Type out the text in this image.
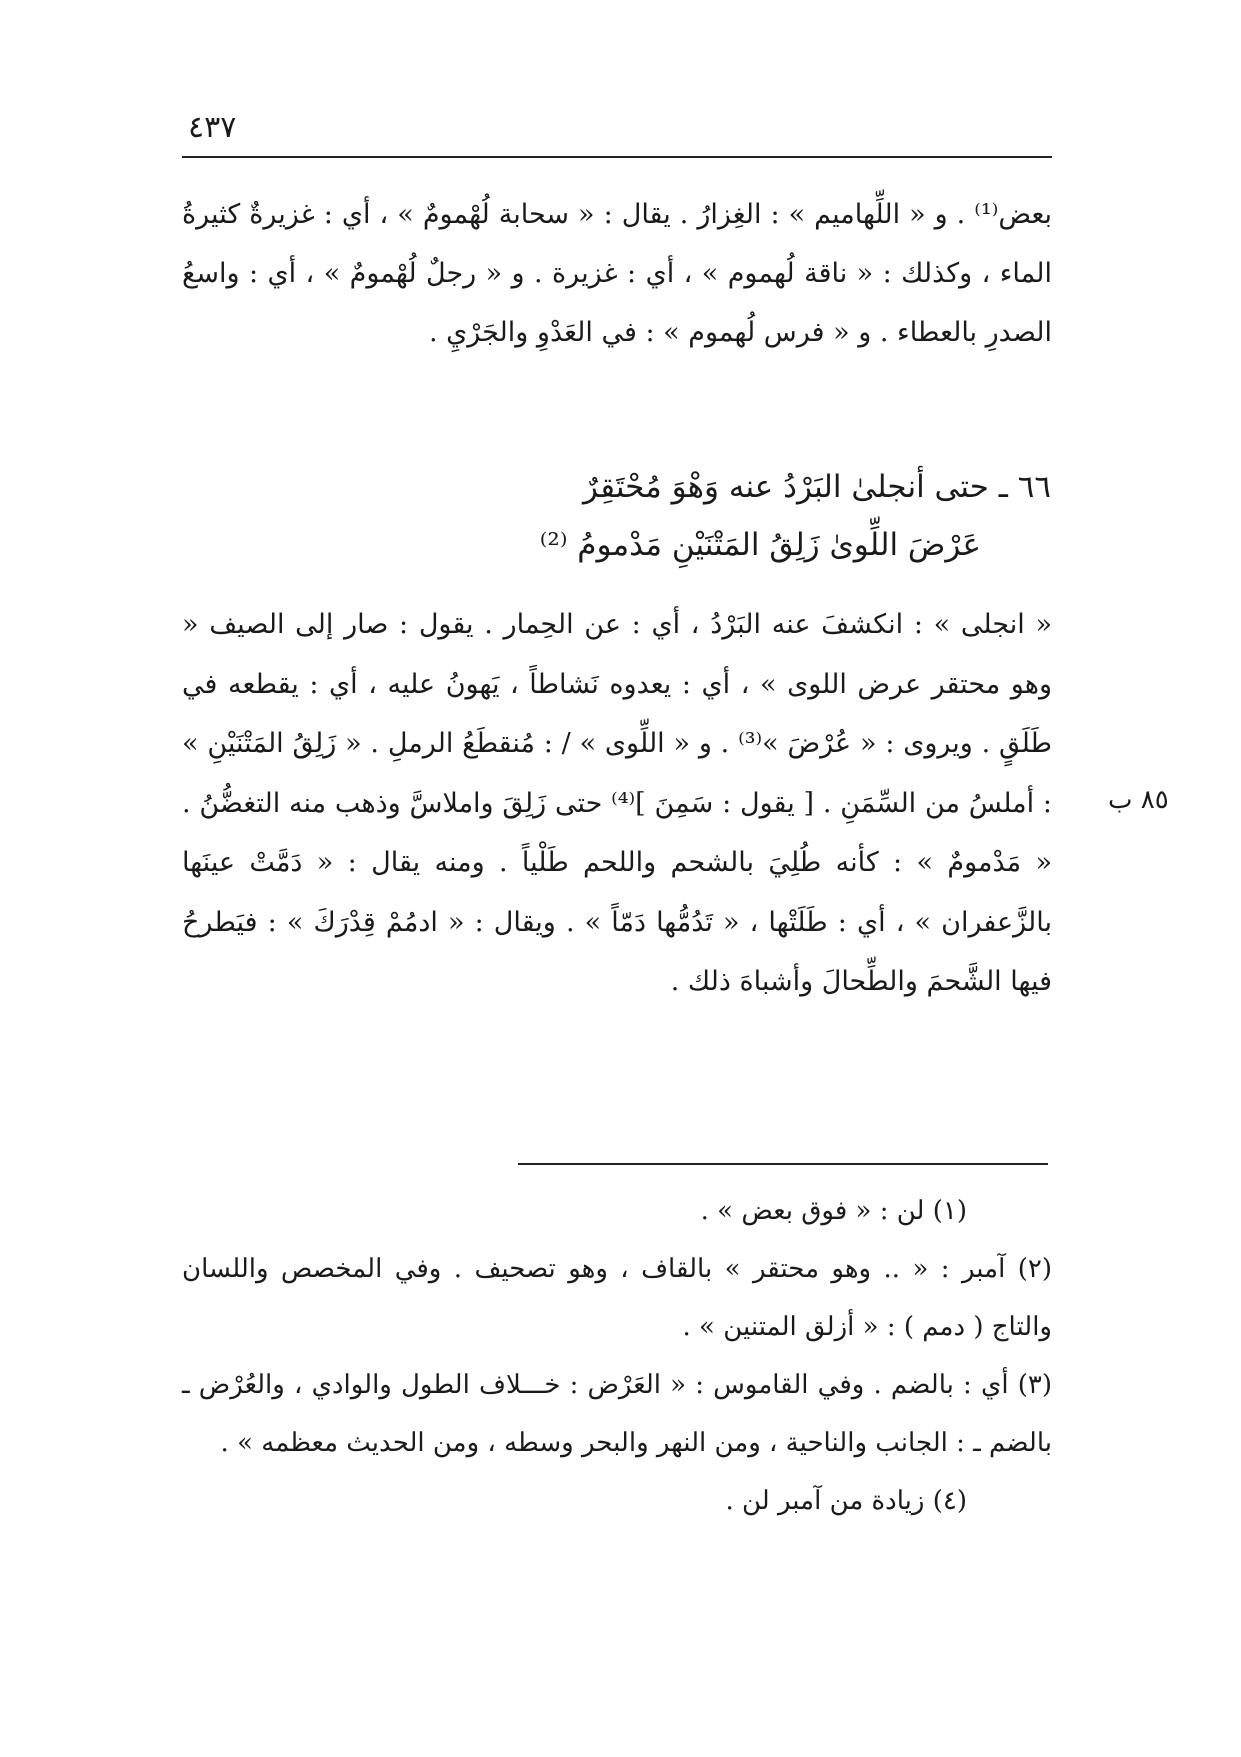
٤٣٧

بعض⁽¹⁾ . و « اللِّهاميم » : الغِزارُ . يقال : « سحابة لُهْمومٌ » ، أي : غزيرةٌ كثيرةُ الماء ، وكذلك : « ناقة لُهموم » ، أي : غزيرة . و « رجلٌ لُهْمومٌ » ، أي : واسعُ الصدرِ بالعطاء . و « فرس لُهموم » : في العَدْوِ والجَرْيِ .

٦٦ ـ حتى أنجلىٰ البَرْدُ عنه وَهْوَ مُحْتَقِرٌ
عَرْضَ اللِّوىٰ زَلِقُ المَتْنَيْنِ مَدْمومُ ⁽²⁾

« انجلى » : انكشفَ عنه البَرْدُ ، أي : عن الحِمار . يقول : صار إلى الصيف « وهو محتقر عرض اللوى » ، أي : يعدوه نَشاطاً ، يَهونُ عليه ، أي : يقطعه في طَلَقٍ . ويروى : « عُرْضَ »⁽³⁾ . و « اللِّوى » / : مُنقطَعُ الرملِ . « زَلِقُ المَتْنَيْنِ » : أملسُ من السِّمَنِ . [ يقول : سَمِنَ ]⁽⁴⁾ حتى زَلِقَ واملاسَّ وذهب منه التغضُّنُ . « مَدْمومٌ » : كأنه طُلِيَ بالشحم واللحم طَلْياً . ومنه يقال : « دَمَّتْ عينَها بالزَّعفران » ، أي : طَلَتْها ، « تَدُمُّها دَمّاً » . ويقال : « ادمُمْ قِدْرَكَ » : فيَطرحُ فيها الشَّحمَ والطِّحالَ وأشباهَ ذلك .

٨٥ ب

(١) لن : « فوق بعض » .

(٢) آمبر : « .. وهو محتقر » بالقاف ، وهو تصحيف . وفي المخصص واللسان والتاج ( دمم ) : « أزلق المتنين » .

(٣) أي : بالضم . وفي القاموس : « العَرْض : خـــلاف الطول والوادي ، والعُرْض ـ بالضم ـ : الجانب والناحية ، ومن النهر والبحر وسطه ، ومن الحديث معظمه » .

(٤) زيادة من آمبر لن .
